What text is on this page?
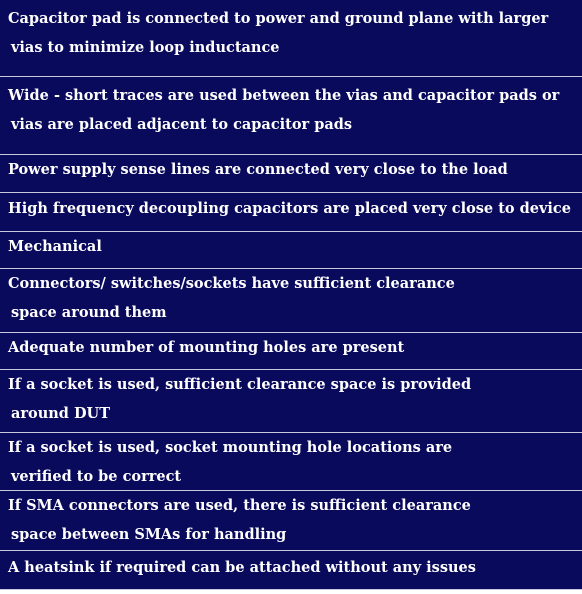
Capacitor pad is connected to power and ground plane with larger
vias to minimize loop inductance
Wide - short traces are used between the vias and capacitor pads or
vias are placed adjacent to capacitor pads
Power supply sense lines are connected very close to the load
High frequency decoupling capacitors are placed very close to device
Mechanical
Connectors/ switches/sockets have sufficient clearance
space around them
Adequate number of mounting holes are present
If a socket is used, sufficient clearance space is provided
around DUT
If a socket is used, socket mounting hole locations are
verified to be correct
If SMA connectors are used, there is sufficient clearance
space between SMAs for handling
A heatsink if required can be attached without any issues
